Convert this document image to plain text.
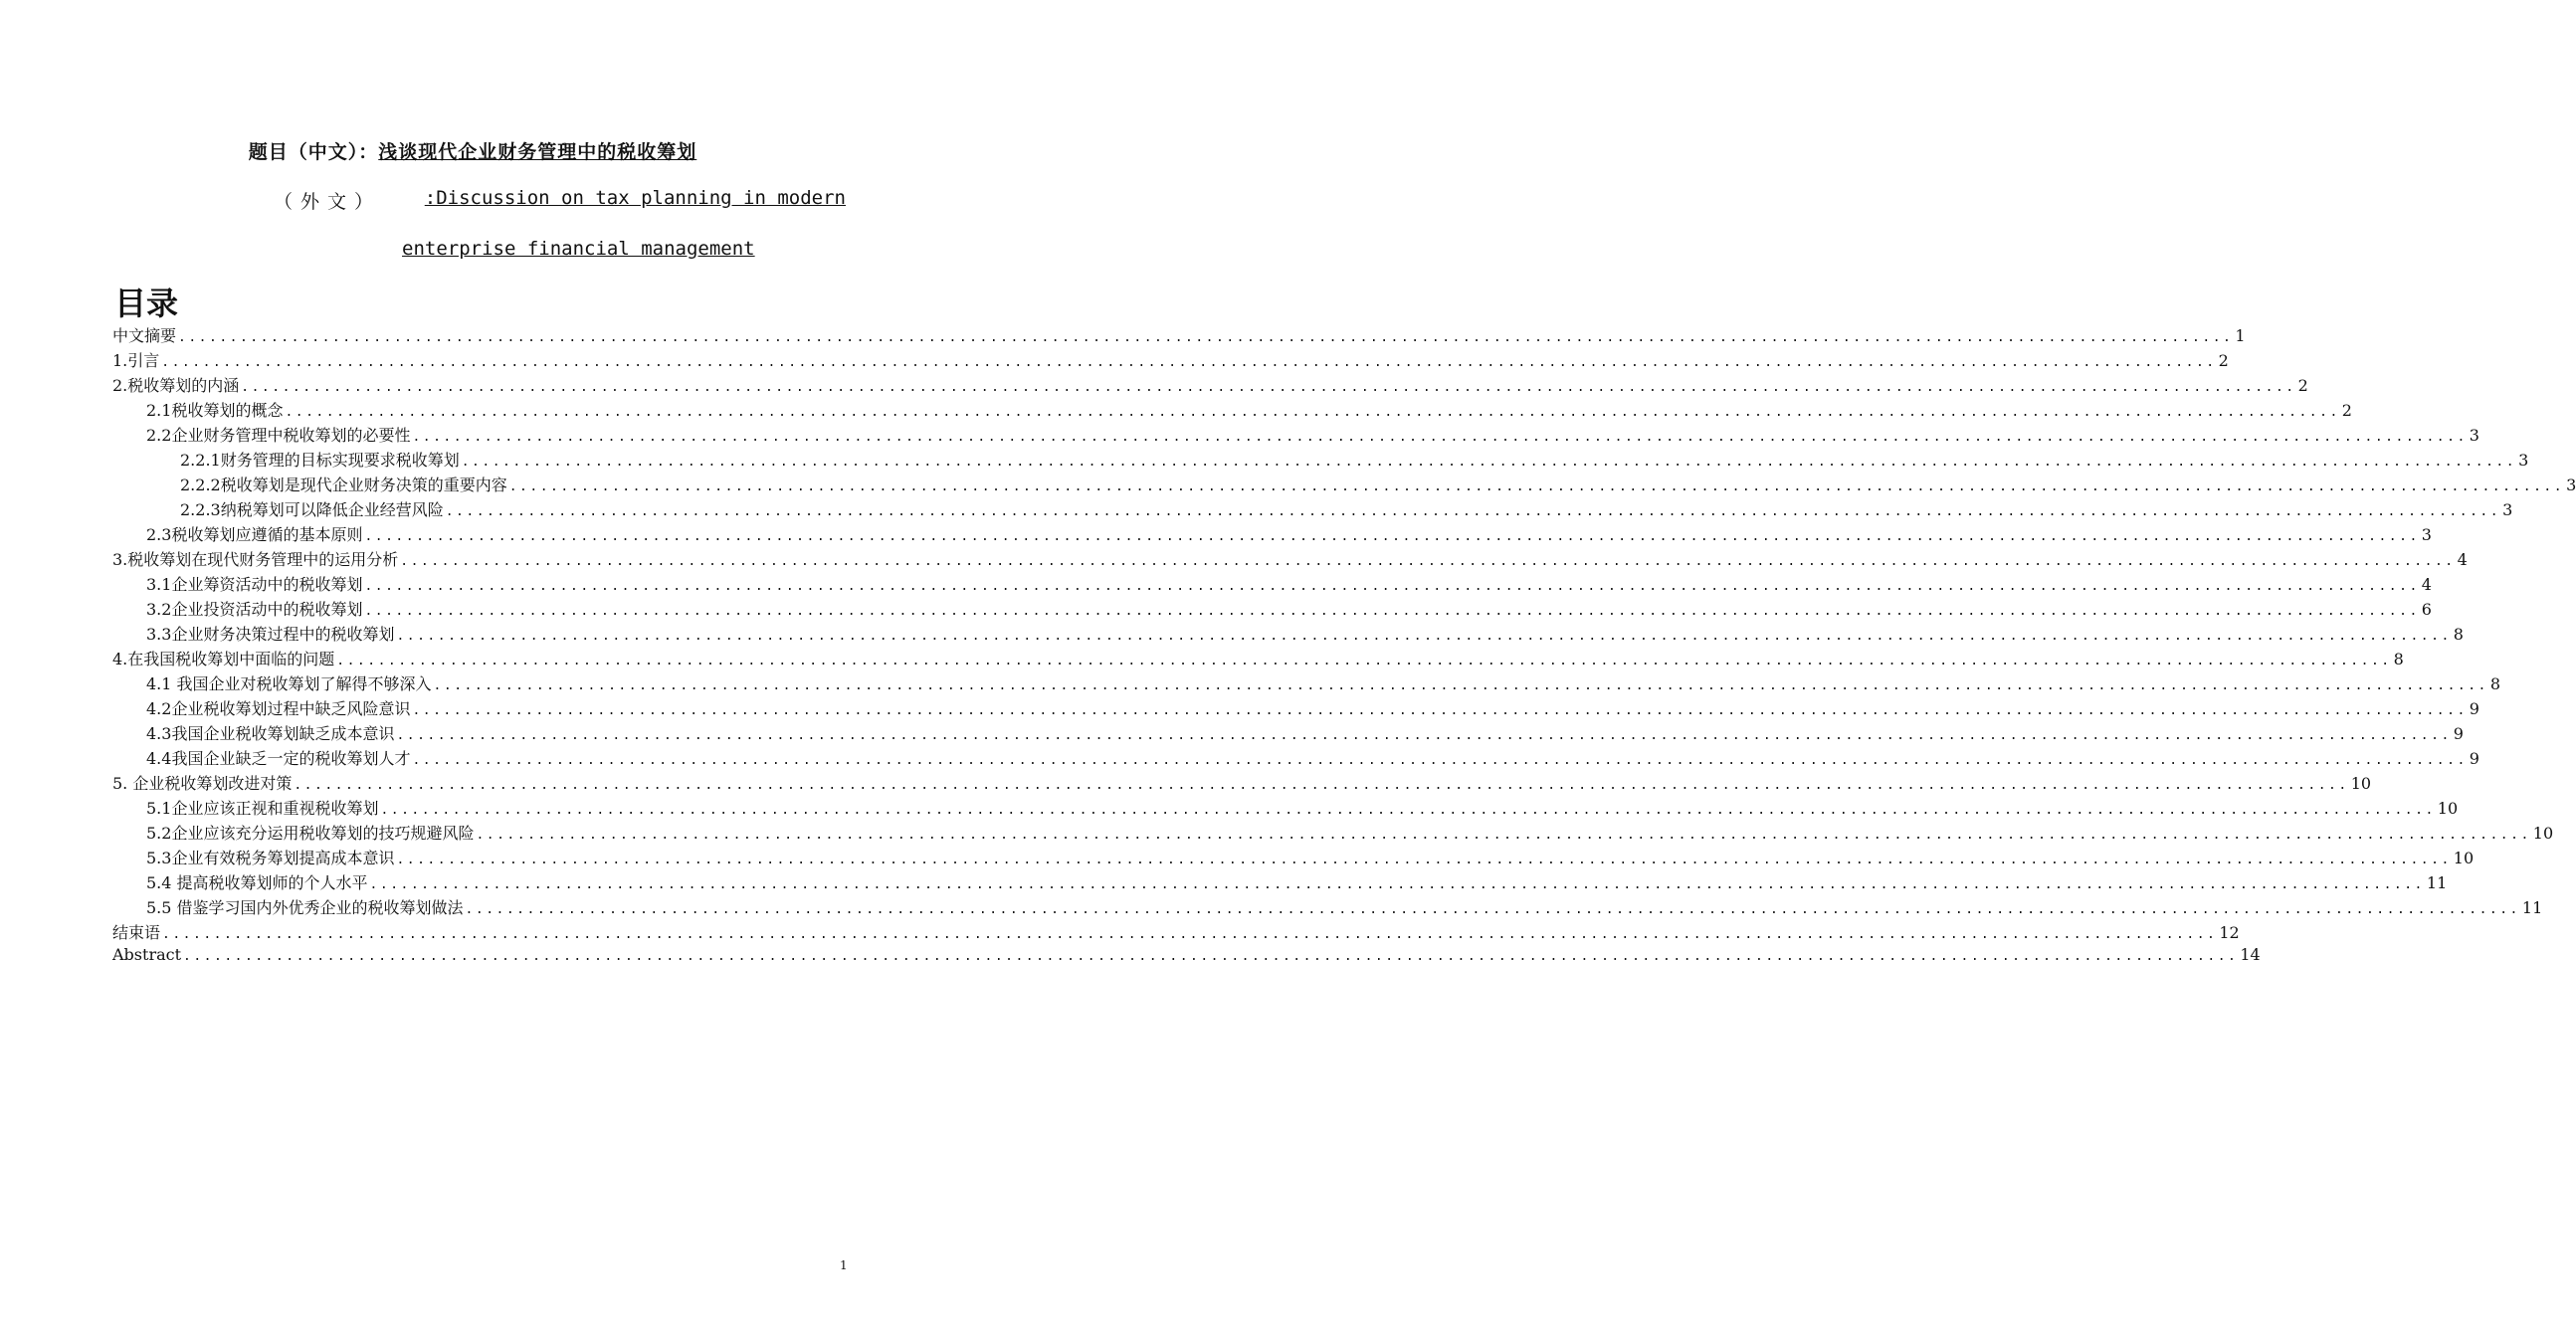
题目（中文）：浅谈现代企业财务管理中的税收筹划
（外文） :Discussion on tax planning in modern
enterprise financial management
目录
中文摘要 ........................................................................................................................................................................................................ 1
1.引言 ........................................................................................................................................................................................................ 2
2.税收筹划的内涵 ........................................................................................................................................................................................................ 2
2.1税收筹划的概念 ........................................................................................................................................................................................................ 2
2.2企业财务管理中税收筹划的必要性 ........................................................................................................................................................................................................ 3
2.2.1财务管理的目标实现要求税收筹划 ........................................................................................................................................................................................................ 3
2.2.2税收筹划是现代企业财务决策的重要内容 ........................................................................................................................................................................................................ 3
2.2.3纳税筹划可以降低企业经营风险 ........................................................................................................................................................................................................ 3
2.3税收筹划应遵循的基本原则 ........................................................................................................................................................................................................ 3
3.税收筹划在现代财务管理中的运用分析 ........................................................................................................................................................................................................ 4
3.1企业筹资活动中的税收筹划 ........................................................................................................................................................................................................ 4
3.2企业投资活动中的税收筹划 ........................................................................................................................................................................................................ 6
3.3企业财务决策过程中的税收筹划 ........................................................................................................................................................................................................ 8
4.在我国税收筹划中面临的问题 ........................................................................................................................................................................................................ 8
4.1 我国企业对税收筹划了解得不够深入 ........................................................................................................................................................................................................ 8
4.2企业税收筹划过程中缺乏风险意识 ........................................................................................................................................................................................................ 9
4.3我国企业税收筹划缺乏成本意识 ........................................................................................................................................................................................................ 9
4.4我国企业缺乏一定的税收筹划人才 ........................................................................................................................................................................................................ 9
5. 企业税收筹划改进对策 ........................................................................................................................................................................................................ 10
5.1企业应该正视和重视税收筹划 ........................................................................................................................................................................................................ 10
5.2企业应该充分运用税收筹划的技巧规避风险 ........................................................................................................................................................................................................ 10
5.3企业有效税务筹划提高成本意识 ........................................................................................................................................................................................................ 10
5.4 提高税收筹划师的个人水平 ........................................................................................................................................................................................................ 11
5.5 借鉴学习国内外优秀企业的税收筹划做法 ........................................................................................................................................................................................................ 11
结束语 ........................................................................................................................................................................................................ 12
Abstract ........................................................................................................................................................................................................ 14
1
